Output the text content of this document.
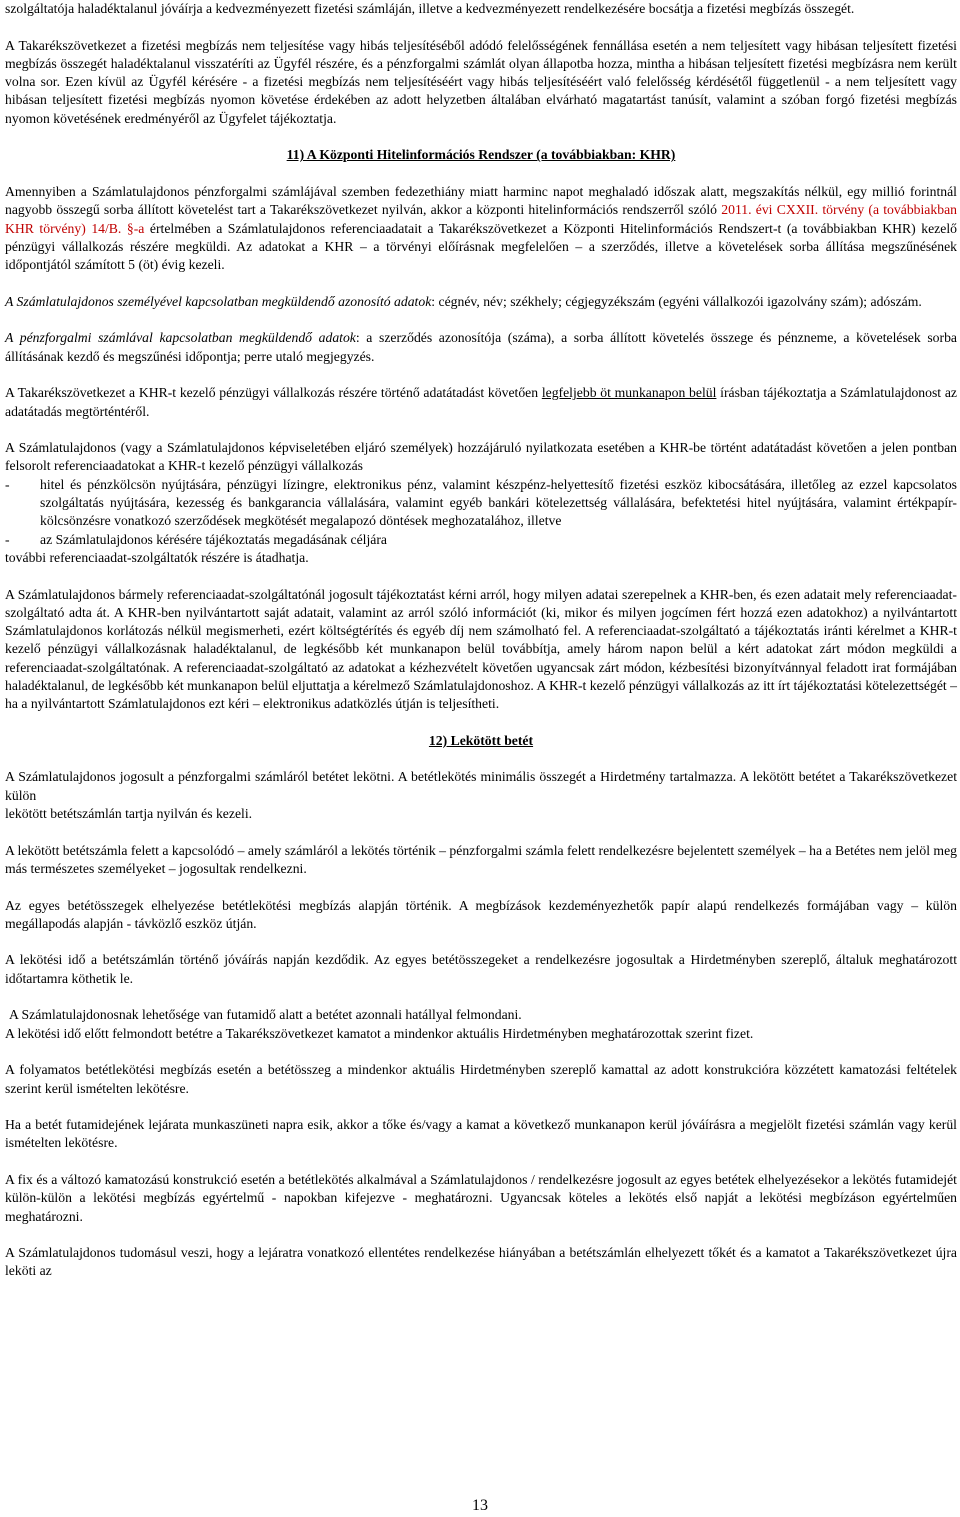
szolgáltatója haladéktalanul jóváírja a kedvezményezett fizetési számláján, illetve a kedvezményezett rendelkezésére bocsátja a fizetési megbízás összegét.

A Takarékszövetkezet a fizetési megbízás nem teljesítése vagy hibás teljesítéséből adódó felelősségének fennállása esetén a nem teljesített vagy hibásan teljesített fizetési megbízás összegét haladéktalanul visszatéríti az Ügyfél részére, és a pénzforgalmi számlát olyan állapotba hozza, mintha a hibásan teljesített fizetési megbízásra nem került volna sor. Ezen kívül az Ügyfél kérésére - a fizetési megbízás nem teljesítéséért vagy hibás teljesítéséért való felelősség kérdésétől függetlenül - a nem teljesített vagy hibásan teljesített fizetési megbízás nyomon követése érdekében az adott helyzetben általában elvárható magatartást tanúsít, valamint a szóban forgó fizetési megbízás nyomon követésének eredményéről az Ügyfelet tájékoztatja.

11) A Központi Hitelinformációs Rendszer (a továbbiakban: KHR)

Amennyiben a Számlatulajdonos pénzforgalmi számlájával szemben fedezethiány miatt harminc napot meghaladó időszak alatt, megszakítás nélkül, egy millió forintnál nagyobb összegű sorba állított követelést tart a Takarékszövetkezet nyilván, akkor a központi hitelinformációs rendszerről szóló 2011. évi CXXII. törvény (a továbbiakban KHR törvény) 14/B. §-a értelmében a Számlatulajdonos referenciaadatait a Takarékszövetkezet a Központi Hitelinformációs Rendszert-t (a továbbiakban KHR) kezelő pénzügyi vállalkozás részére megküldi. Az adatokat a KHR – a törvényi előírásnak megfelelően – a szerződés, illetve a követelések sorba állítása megszűnésének időpontjától számított 5 (öt) évig kezeli.

A Számlatulajdonos személyével kapcsolatban megküldendő azonosító adatok: cégnév, név; székhely; cégjegyzékszám (egyéni vállalkozói igazolvány szám); adószám.

A pénzforgalmi számlával kapcsolatban megküldendő adatok: a szerződés azonosítója (száma), a sorba állított követelés összege és pénzneme, a követelések sorba állításának kezdő és megszűnési időpontja; perre utaló megjegyzés.

A Takarékszövetkezet a KHR-t kezelő pénzügyi vállalkozás részére történő adatátadást követően legfeljebb öt munkanapon belül írásban tájékoztatja a Számlatulajdonost az adatátadás megtörténtéről.

A Számlatulajdonos (vagy a Számlatulajdonos képviseletében eljáró személyek) hozzájáruló nyilatkozata esetében a KHR-be történt adatátadást követően a jelen pontban felsorolt referenciaadatokat a KHR-t kezelő pénzügyi vállalkozás

- hitel és pénzkölcsön nyújtására, pénzügyi lízingre, elektronikus pénz, valamint készpénz-helyettesítő fizetési eszköz kibocsátására, illetőleg az ezzel kapcsolatos szolgáltatás nyújtására, kezesség és bankgarancia vállalására, valamint egyéb bankári kötelezettség vállalására, befektetési hitel nyújtására, valamint értékpapír-kölcsönzésre vonatkozó szerződések megkötését megalapozó döntések meghozatalához, illetve
- az Számlatulajdonos kérésére tájékoztatás megadásának céljára

további referenciaadat-szolgáltatók részére is átadhatja.

A Számlatulajdonos bármely referenciaadat-szolgáltatónál jogosult tájékoztatást kérni arról, hogy milyen adatai szerepelnek a KHR-ben, és ezen adatait mely referenciaadat-szolgáltató adta át. A KHR-ben nyilvántartott saját adatait, valamint az arról szóló információt (ki, mikor és milyen jogcímen fért hozzá ezen adatokhoz) a nyilvántartott Számlatulajdonos korlátozás nélkül megismerheti, ezért költségtérítés és egyéb díj nem számolható fel. A referenciaadat-szolgáltató a tájékoztatás iránti kérelmet a KHR-t kezelő pénzügyi vállalkozásnak haladéktalanul, de legkésőbb két munkanapon belül továbbítja, amely három napon belül a kért adatokat zárt módon megküldi a referenciaadat-szolgáltatónak. A referenciaadat-szolgáltató az adatokat a kézhezvételt követően ugyancsak zárt módon, kézbesítési bizonyítvánnyal feladott irat formájában haladéktalanul, de legkésőbb két munkanapon belül eljuttatja a kérelmező Számlatulajdonoshoz. A KHR-t kezelő pénzügyi vállalkozás az itt írt tájékoztatási kötelezettségét – ha a nyilvántartott Számlatulajdonos ezt kéri – elektronikus adatközlés útján is teljesítheti.

12) Lekötött betét

A Számlatulajdonos jogosult a pénzforgalmi számláról betétet lekötni. A betétlekötés minimális összegét a Hirdetmény tartalmazza. A lekötött betétet a Takarékszövetkezet külön

lekötött betétszámlán tartja nyilván és kezeli.

A lekötött betétszámla felett a kapcsolódó – amely számláról a lekötés történik – pénzforgalmi számla felett rendelkezésre bejelentett személyek – ha a Betétes nem jelöl meg más természetes személyeket – jogosultak rendelkezni.

Az egyes betétösszegek elhelyezése betétlekötési megbízás alapján történik. A megbízások kezdeményezhetők papír alapú rendelkezés formájában vagy – külön megállapodás alapján - távközlő eszköz útján.

A lekötési idő a betétszámlán történő jóváírás napján kezdődik. Az egyes betétösszegeket a rendelkezésre jogosultak a Hirdetményben szereplő, általuk meghatározott időtartamra köthetik le.

A Számlatulajdonosnak lehetősége van futamidő alatt a betétet azonnali hatállyal felmondani.

A lekötési idő előtt felmondott betétre a Takarékszövetkezet kamatot a mindenkor aktuális Hirdetményben meghatározottak szerint fizet.

A folyamatos betétlekötési megbízás esetén a betétösszeg a mindenkor aktuális Hirdetményben szereplő kamattal az adott konstrukcióra közzétett kamatozási feltételek szerint kerül ismételten lekötésre.

Ha a betét futamidejének lejárata munkaszüneti napra esik, akkor a tőke és/vagy a kamat a következő munkanapon kerül jóváírásra a megjelölt fizetési számlán vagy kerül ismételten lekötésre.

A fix és a változó kamatozású konstrukció esetén a betétlekötés alkalmával a Számlatulajdonos / rendelkezésre jogosult az egyes betétek elhelyezésekor a lekötés futamidejét külön-külön a lekötési megbízás egyértelmű - napokban kifejezve - meghatározni. Ugyancsak köteles a lekötés első napját a lekötési megbízáson egyértelműen meghatározni.

A Számlatulajdonos tudomásul veszi, hogy a lejáratra vonatkozó ellentétes rendelkezése hiányában a betétszámlán elhelyezett tőkét és a kamatot a Takarékszövetkezet újra leköti az

13
